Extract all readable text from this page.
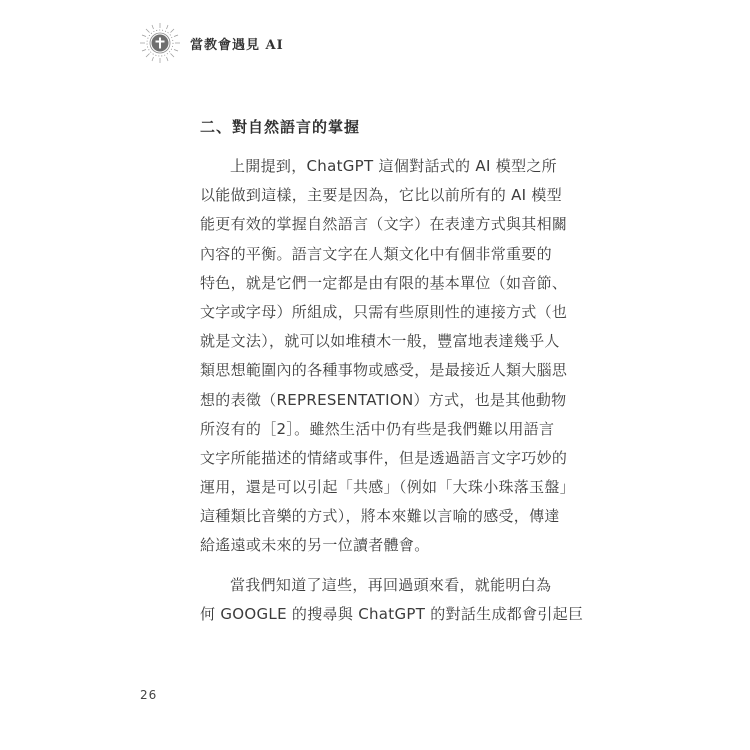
當教會遇見 AI
二、對自然語言的掌握

上開提到，ChatGPT 這個對話式的 AI 模型之所
以能做到這樣，主要是因為，它比以前所有的 AI 模型
能更有效的掌握自然語言（文字）在表達方式與其相關
內容的平衡。語言文字在人類文化中有個非常重要的
特色，就是它們一定都是由有限的基本單位（如音節、
文字或字母）所組成，只需有些原則性的連接方式（也
就是文法），就可以如堆積木一般，豐富地表達幾乎人
類思想範圍內的各種事物或感受，是最接近人類大腦思
想的表徵（REPRESENTATION）方式，也是其他動物
所沒有的［2］。雖然生活中仍有些是我們難以用語言
文字所能描述的情緒或事件，但是透過語言文字巧妙的
運用，還是可以引起「共感」（例如「大珠小珠落玉盤」
這種類比音樂的方式），將本來難以言喻的感受，傳達
給遙遠或未來的另一位讀者體會。

當我們知道了這些，再回過頭來看，就能明白為
何 GOOGLE 的搜尋與 ChatGPT 的對話生成都會引起巨

26
